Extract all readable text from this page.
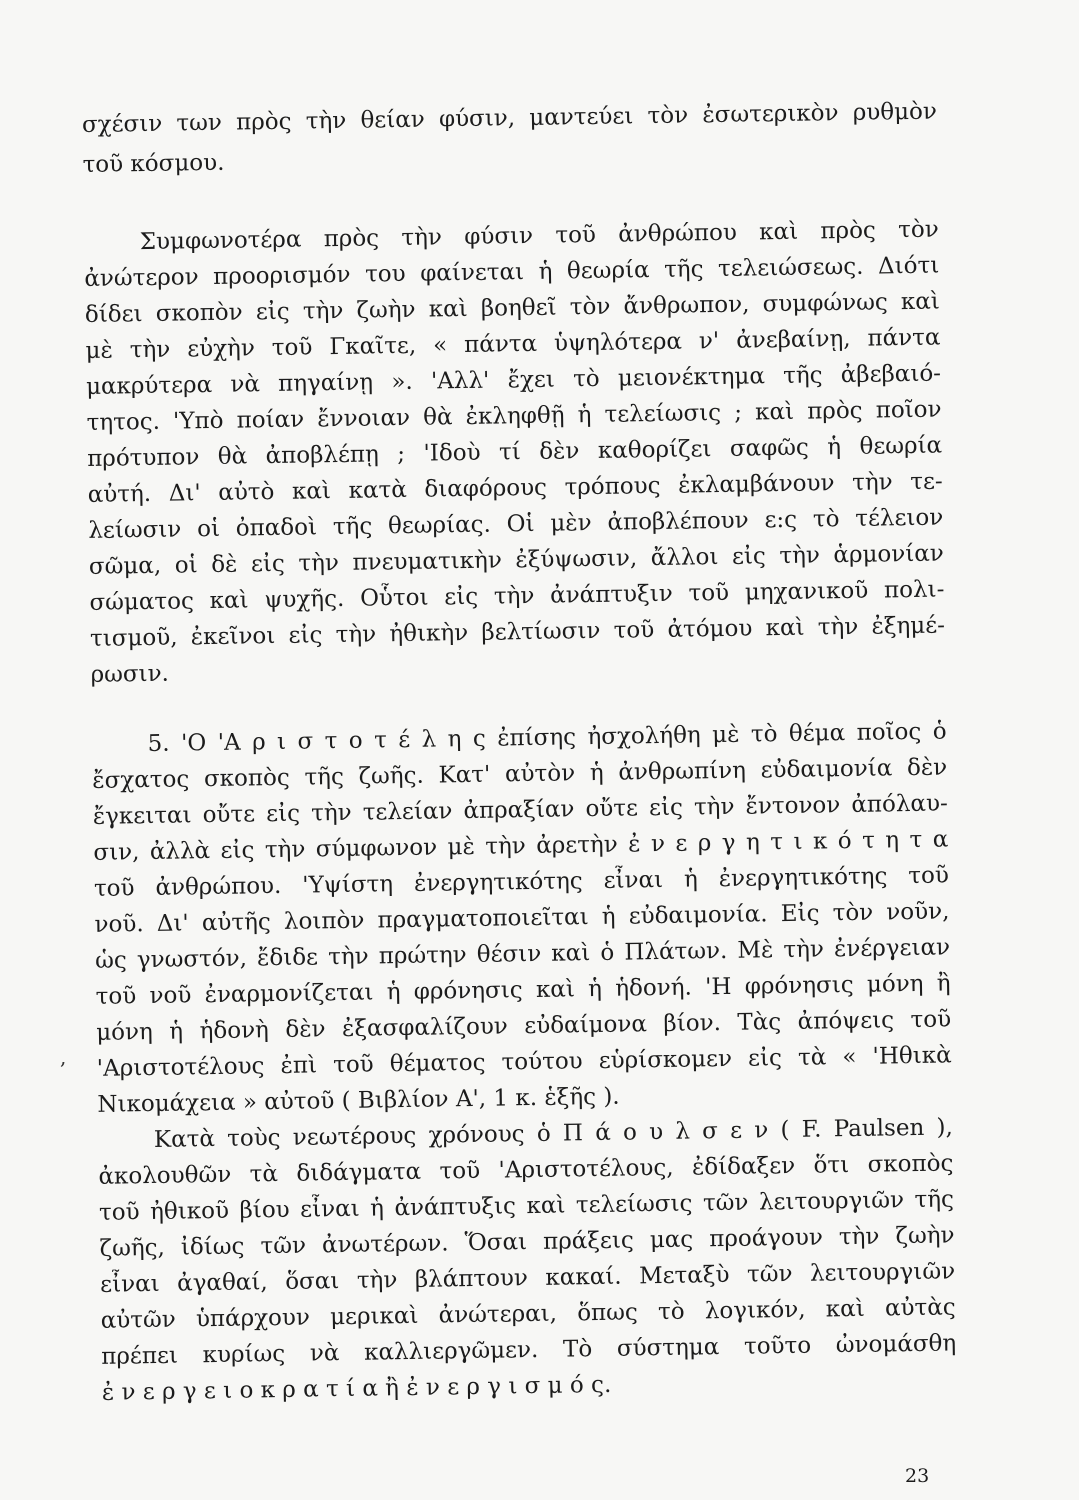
σχέσιν των πρὸς τὴν θείαν φύσιν, μαντεύει τὸν ἐσωτερικὸν ρυθμὸν
τοῦ κόσμου.
Συμφωνοτέρα πρὸς τὴν φύσιν τοῦ ἀνθρώπου καὶ πρὸς τὸν
ἀνώτερον προορισμόν του φαίνεται ἡ θεωρία τῆς τελειώσεως. Διότι
δίδει σκοπὸν εἰς τὴν ζωὴν καὶ βοηθεῖ τὸν ἄνθρωπον, συμφώνως καὶ
μὲ τὴν εὐχὴν τοῦ Γκαῖτε, « πάντα ὑψηλότερα ν' ἀνεβαίνῃ, πάντα
μακρύτερα νὰ πηγαίνῃ ». 'Αλλ' ἔχει τὸ μειονέκτημα τῆς ἀβεβαιό-
τητος. 'Υπὸ ποίαν ἔννοιαν θὰ ἐκληφθῇ ἡ τελείωσις ; καὶ πρὸς ποῖον
πρότυπον θὰ ἀποβλέπῃ ; 'Ιδοὺ τί δὲν καθορίζει σαφῶς ἡ θεωρία
αὐτή. Δι' αὐτὸ καὶ κατὰ διαφόρους τρόπους ἐκλαμβάνουν τὴν τε-
λείωσιν οἱ ὀπαδοὶ τῆς θεωρίας. Οἱ μὲν ἀποβλέπουν ε:ς τὸ τέλειον
σῶμα, οἱ δὲ εἰς τὴν πνευματικὴν ἐξύψωσιν, ἄλλοι εἰς τὴν ἁρμονίαν
σώματος καὶ ψυχῆς. Οὗτοι εἰς τὴν ἀνάπτυξιν τοῦ μηχανικοῦ πολι-
τισμοῦ, ἐκεῖνοι εἰς τὴν ἠθικὴν βελτίωσιν τοῦ ἀτόμου καὶ τὴν ἐξημέ-
ρωσιν.
5. 'Ο 'Α ρ ι σ τ ο τ έ λ η ς ἐπίσης ἠσχολήθη μὲ τὸ θέμα ποῖος ὁ
ἔσχατος σκοπὸς τῆς ζωῆς. Κατ' αὐτὸν ἡ ἀνθρωπίνη εὐδαιμονία δὲν
ἔγκειται οὔτε εἰς τὴν τελείαν ἀπραξίαν οὔτε εἰς τὴν ἔντονον ἀπόλαυ-
σιν, ἀλλὰ εἰς τὴν σύμφωνον μὲ τὴν ἀρετὴν ἐ ν ε ρ γ η τ ι κ ό τ η τ α
τοῦ ἀνθρώπου. 'Υψίστη ἐνεργητικότης εἶναι ἡ ἐνεργητικότης τοῦ
νοῦ. Δι' αὐτῆς λοιπὸν πραγματοποιεῖται ἡ εὐδαιμονία. Εἰς τὸν νοῦν,
ὡς γνωστόν, ἔδιδε τὴν πρώτην θέσιν καὶ ὁ Πλάτων. Μὲ τὴν ἐνέργειαν
τοῦ νοῦ ἐναρμονίζεται ἡ φρόνησις καὶ ἡ ἡδονή. 'Η φρόνησις μόνη ἢ
μόνη ἡ ἡδονὴ δὲν ἐξασφαλίζουν εὐδαίμονα βίον. Τὰς ἀπόψεις τοῦ
'Αριστοτέλους ἐπὶ τοῦ θέματος τούτου εὑρίσκομεν εἰς τὰ « 'Ηθικὰ
Νικομάχεια » αὐτοῦ ( Βιβλίον Α', 1 κ. ἑξῆς ).
Κατὰ τοὺς νεωτέρους χρόνους ὁ Π ά ο υ λ σ ε ν ( F. Paulsen ),
ἀκολουθῶν τὰ διδάγματα τοῦ 'Αριστοτέλους, ἐδίδαξεν ὅτι σκοπὸς
τοῦ ἠθικοῦ βίου εἶναι ἡ ἀνάπτυξις καὶ τελείωσις τῶν λειτουργιῶν τῆς
ζωῆς, ἰδίως τῶν ἀνωτέρων. Ὅσαι πράξεις μας προάγουν τὴν ζωὴν
εἶναι ἀγαθαί, ὅσαι τὴν βλάπτουν κακαί. Μεταξὺ τῶν λειτουργιῶν
αὐτῶν ὑπάρχουν μερικαὶ ἀνώτεραι, ὅπως τὸ λογικόν, καὶ αὐτὰς
πρέπει κυρίως νὰ καλλιεργῶμεν. Τὸ σύστημα τοῦτο ὠνομάσθη
ἐ ν ε ρ γ ε ι ο κ ρ α τ ί α ἢ ἐ ν ε ρ γ ι σ μ ό ς.
,
23
